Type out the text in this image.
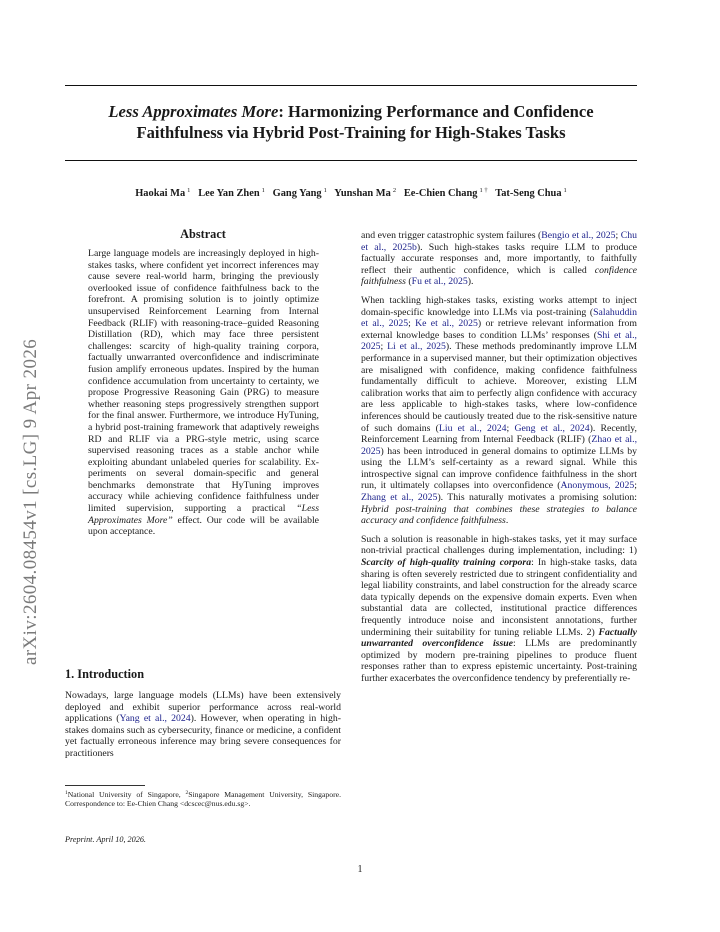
Less Approximates More: Harmonizing Performance and Confidence Faithfulness via Hybrid Post-Training for High-Stakes Tasks
Haokai Ma $^1$ Lee Yan Zhen $^1$ Gang Yang $^1$ Yunshan Ma $^2$ Ee-Chien Chang $^{1 \dagger}$ Tat-Seng Chua $^1$
arXiv:2604.08454v1 [cs.LG] 9 Apr 2026
Abstract
Large language models are increasingly deployed in high-stakes tasks, where confident yet incorrect inferences may cause severe real-world harm, bringing the previously overlooked issue of confidence faithfulness back to the forefront. A promising solution is to jointly optimize unsupervised Reinforcement Learning from Internal Feedback (RLIF) with reasoning-trace–guided Reasoning Distillation (RD), which may face three persistent challenges: scarcity of high-quality training corpora, factually unwarranted overconfidence and indiscriminate fusion amplify erroneous updates. Inspired by the human confidence accumulation from uncertainty to certainty, we propose Progressive Reasoning Gain (PRG) to measure whether reasoning steps progressively strengthen support for the final answer. Furthermore, we introduce HyTuning, a hybrid post-training framework that adaptively reweighs RD and RLIF via a PRG-style metric, using scarce supervised reasoning traces as a stable anchor while exploiting abundant unlabeled queries for scalability. Experiments on several domain-specific and general benchmarks demonstrate that HyTuning improves accuracy while achieving confidence faithfulness under limited supervision, supporting a practical “Less Approximates More” effect. Our code will be available upon acceptance.
1. Introduction
Nowadays, large language models (LLMs) have been extensively deployed and exhibit superior performance across real-world applications (Yang et al., 2024). However, when operating in high-stakes domains such as cybersecurity, finance or medicine, a confident yet factually erroneous inference may bring severe consequences for practitioners
$^1$National University of Singapore, $^2$Singapore Management University, Singapore. Correspondence to: Ee-Chien Chang <dcscec@nus.edu.sg>.
Preprint. April 10, 2026.

and even trigger catastrophic system failures (Bengio et al., 2025; Chu et al., 2025b). Such high-stakes tasks require LLM to produce factually accurate responses and, more importantly, to faithfully reflect their authentic confidence, which is called confidence faithfulness (Fu et al., 2025).

When tackling high-stakes tasks, existing works attempt to inject domain-specific knowledge into LLMs via post-training (Salahuddin et al., 2025; Ke et al., 2025) or retrieve relevant information from external knowledge bases to condition LLMs’ responses (Shi et al., 2025; Li et al., 2025). These methods predominantly improve LLM performance in a supervised manner, but their optimization objectives are misaligned with confidence, making confidence faithfulness fundamentally difficult to achieve. Moreover, existing LLM calibration works that aim to perfectly align confidence with accuracy are less applicable to high-stakes tasks, where low-confidence inferences should be cautiously treated due to the risk-sensitive nature of such domains (Liu et al., 2024; Geng et al., 2024). Recently, Reinforcement Learning from Internal Feedback (RLIF) (Zhao et al., 2025) has been introduced in general domains to optimize LLMs by using the LLM’s self-certainty as a reward signal. While this introspective signal can improve confidence faithfulness in the short run, it ultimately collapses into overconfidence (Anonymous, 2025; Zhang et al., 2025). This naturally motivates a promising solution: Hybrid post-training that combines these strategies to balance accuracy and confidence faithfulness.

Such a solution is reasonable in high-stakes tasks, yet it may surface non-trivial practical challenges during implementation, including: 1) Scarcity of high-quality training corpora: In high-stake tasks, data sharing is often severely restricted due to stringent confidentiality and legal liability constraints, and label construction for the already scarce data typically depends on the expensive domain experts. Even when substantial data are collected, institutional practice differences frequently introduce noise and inconsistent annotations, further undermining their suitability for tuning reliable LLMs. 2) Factually unwarranted overconfidence issue: LLMs are predominantly optimized by modern pre-training pipelines to produce fluent responses rather than to express epistemic uncertainty. Post-training further exacerbates the overconfidence tendency by preferentially re-

1
